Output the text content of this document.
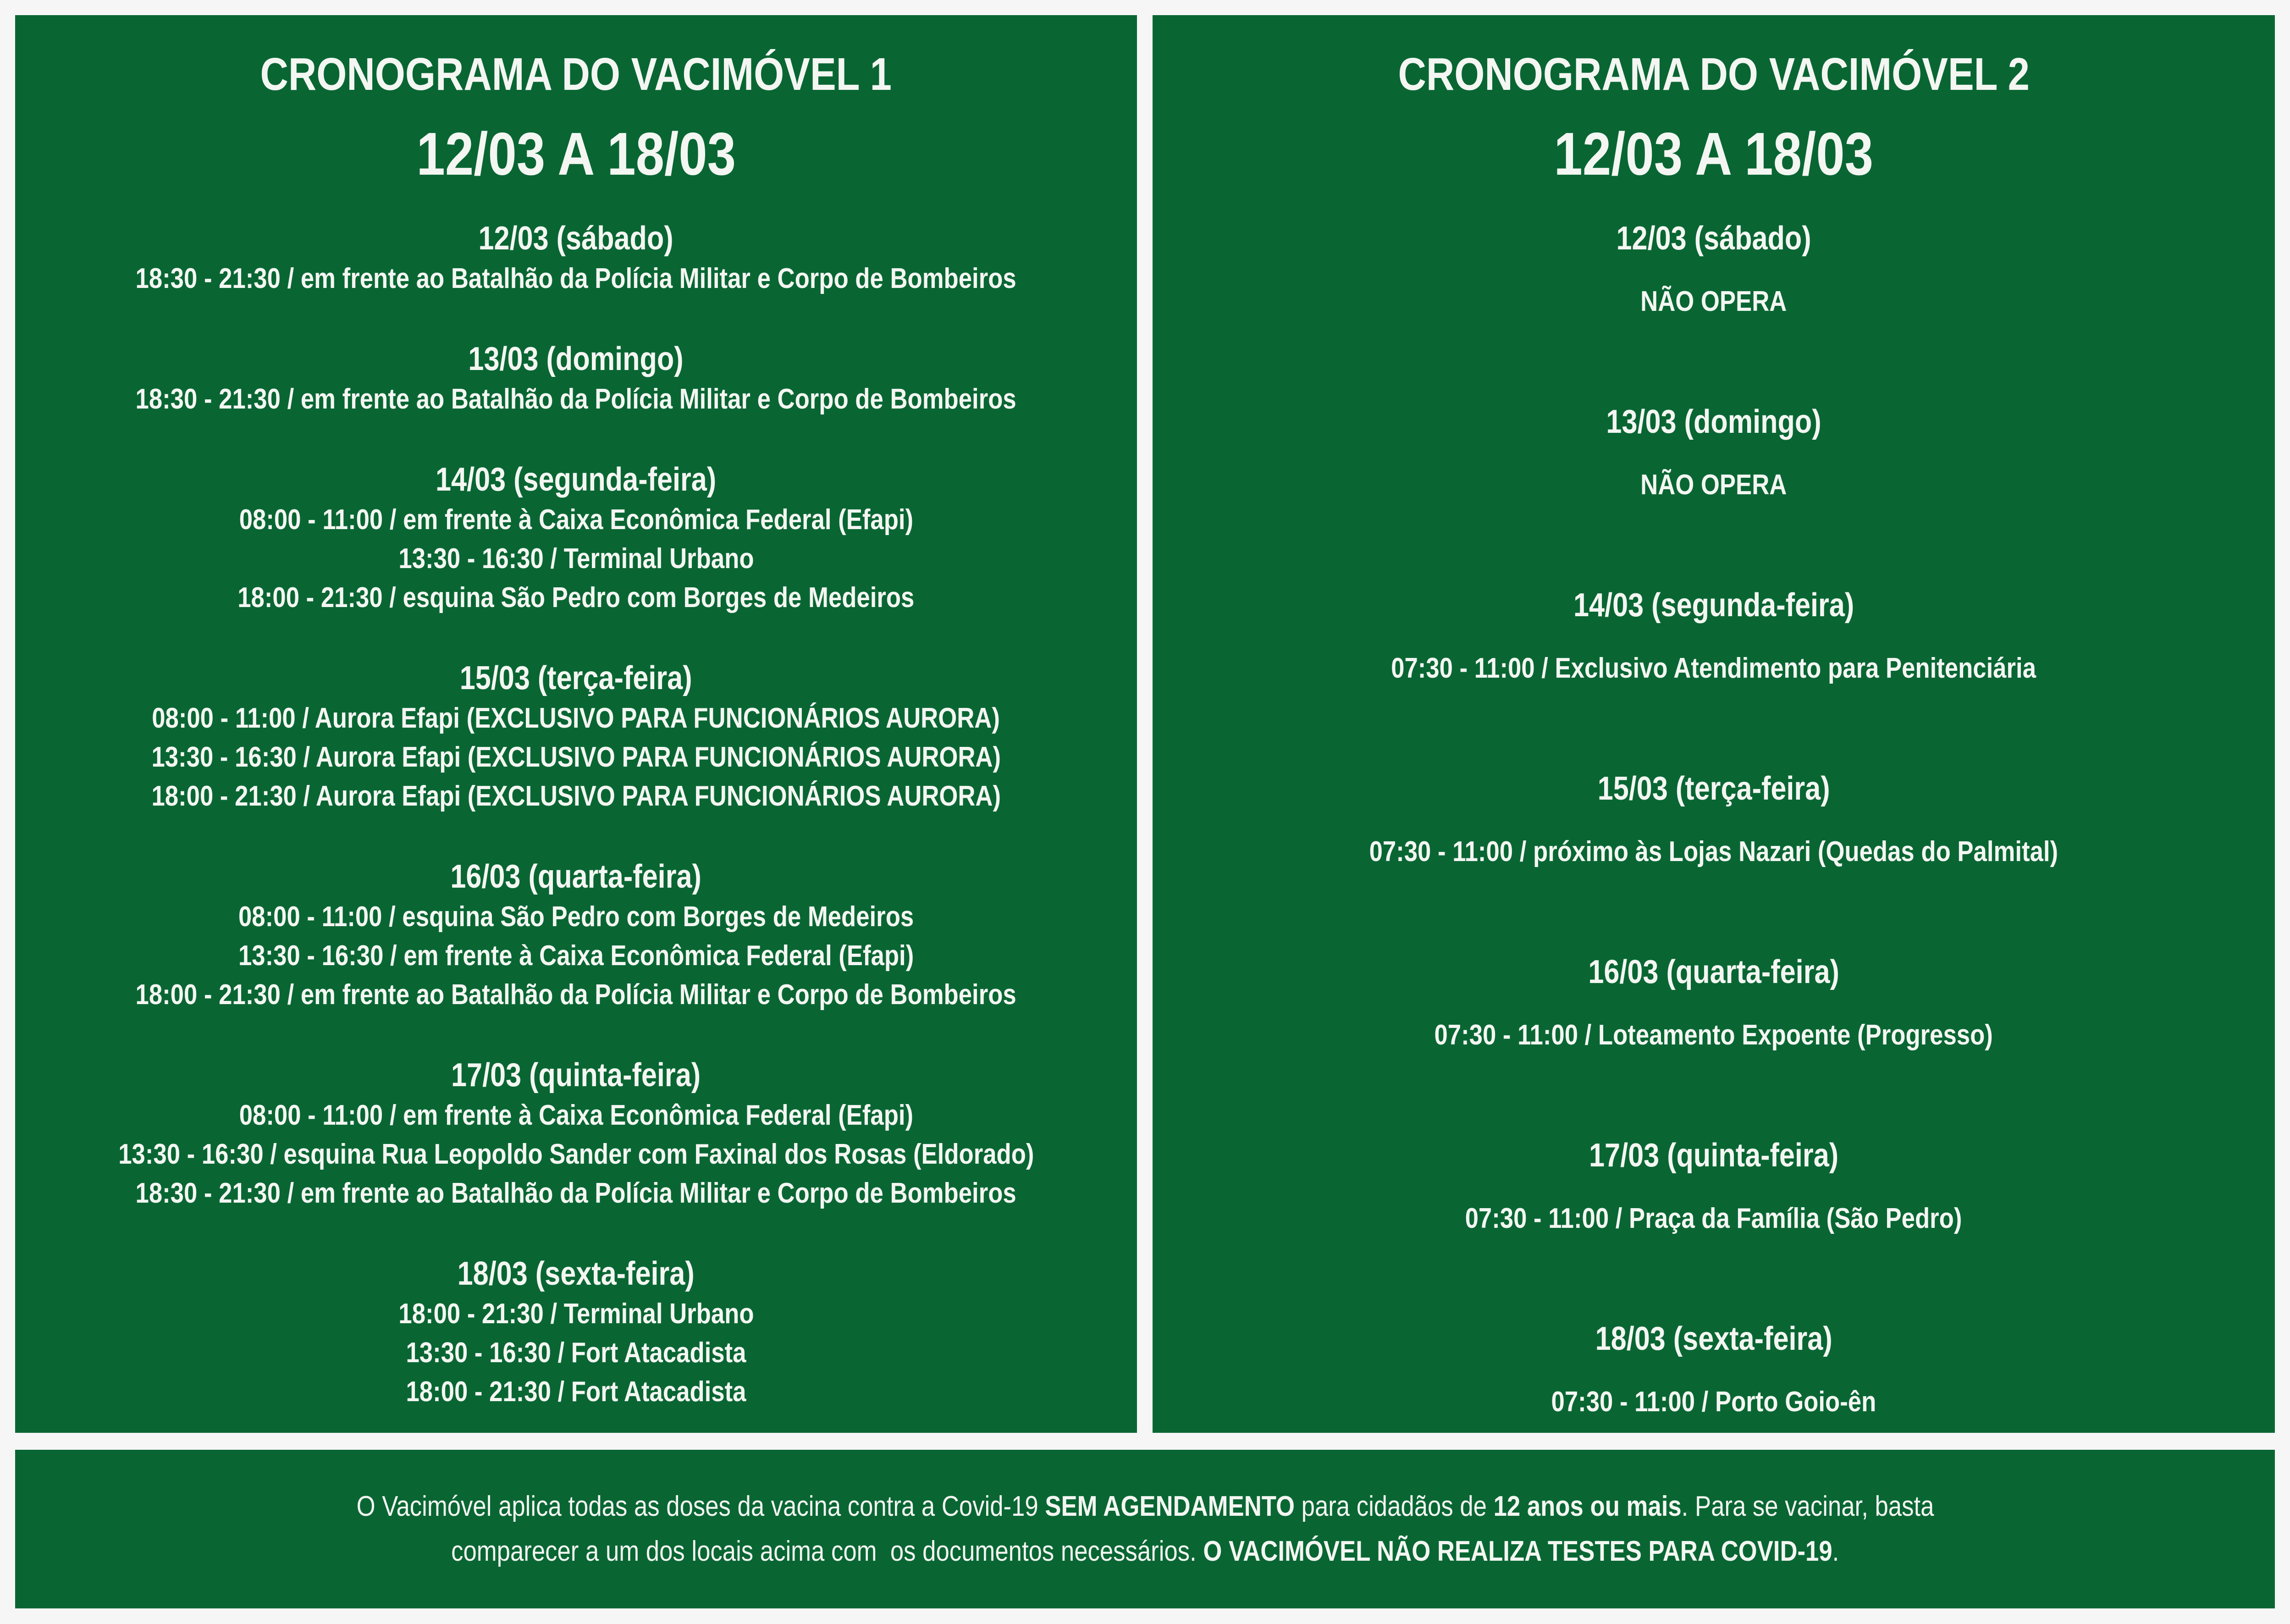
CRONOGRAMA DO VACIMÓVEL 1
12/03 A 18/03
12/03 (sábado)
18:30 - 21:30 / em frente ao Batalhão da Polícia Militar e Corpo de Bombeiros
13/03 (domingo)
18:30 - 21:30 / em frente ao Batalhão da Polícia Militar e Corpo de Bombeiros
14/03 (segunda-feira)
08:00 - 11:00 / em frente à Caixa Econômica Federal (Efapi)
13:30 - 16:30 / Terminal Urbano
18:00 - 21:30 / esquina São Pedro com Borges de Medeiros
15/03 (terça-feira)
08:00 - 11:00 / Aurora Efapi (EXCLUSIVO PARA FUNCIONÁRIOS AURORA)
13:30 - 16:30 / Aurora Efapi (EXCLUSIVO PARA FUNCIONÁRIOS AURORA)
18:00 - 21:30 / Aurora Efapi (EXCLUSIVO PARA FUNCIONÁRIOS AURORA)
16/03 (quarta-feira)
08:00 - 11:00 / esquina São Pedro com Borges de Medeiros
13:30 - 16:30 / em frente à Caixa Econômica Federal (Efapi)
18:00 - 21:30 / em frente ao Batalhão da Polícia Militar e Corpo de Bombeiros
17/03 (quinta-feira)
08:00 - 11:00 / em frente à Caixa Econômica Federal (Efapi)
13:30 - 16:30 / esquina Rua Leopoldo Sander com Faxinal dos Rosas (Eldorado)
18:30 - 21:30 / em frente ao Batalhão da Polícia Militar e Corpo de Bombeiros
18/03 (sexta-feira)
18:00 - 21:30 / Terminal Urbano
13:30 - 16:30 / Fort Atacadista
18:00 - 21:30 / Fort Atacadista
CRONOGRAMA DO VACIMÓVEL 2
12/03 A 18/03
12/03 (sábado)
NÃO OPERA
13/03 (domingo)
NÃO OPERA
14/03 (segunda-feira)
07:30 - 11:00 / Exclusivo Atendimento para Penitenciária
15/03 (terça-feira)
07:30 - 11:00 / próximo às Lojas Nazari (Quedas do Palmital)
16/03 (quarta-feira)
07:30 - 11:00 / Loteamento Expoente (Progresso)
17/03 (quinta-feira)
07:30 - 11:00 / Praça da Família (São Pedro)
18/03 (sexta-feira)
07:30 - 11:00 / Porto Goio-ên
O Vacimóvel aplica todas as doses da vacina contra a Covid-19 SEM AGENDAMENTO para cidadãos de 12 anos ou mais. Para se vacinar, basta
comparecer a um dos locais acima com  os documentos necessários. O VACIMÓVEL NÃO REALIZA TESTES PARA COVID-19.
